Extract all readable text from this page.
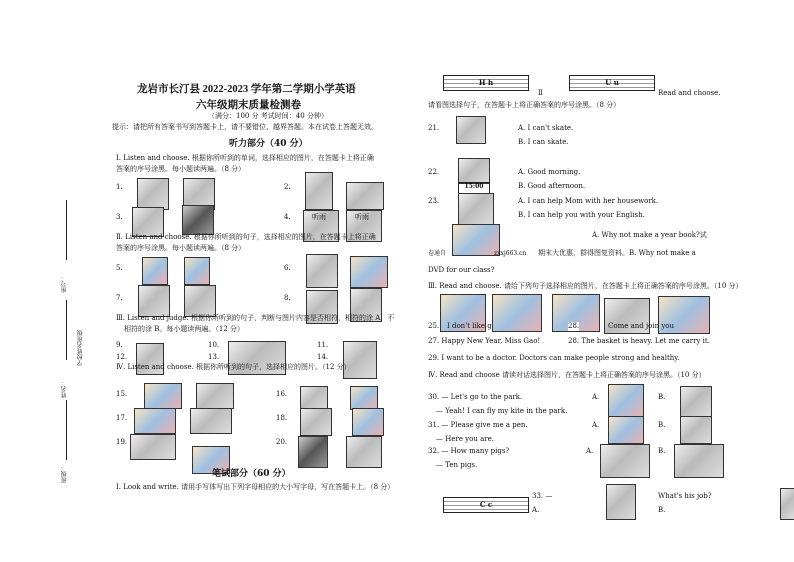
座号：
学校姓名班级
姓名：
班级：
龙岩市长汀县 2022-2023 学年第二学期小学英语
六年级期末质量检测卷
（满分：100 分 考试时间：40 分钟）
提示：请把所有答案书写到答题卡上，请不要错位、越界答题。本在试卷上答题无效。
听力部分（40 分）
Ⅰ. Listen and choose. 根据你所听到的单词，选择相应的图片，在答题卡上将正确
答案的序号涂黑。每小题读两遍。（8 分）
1.	2.
3.	4.	听雨	听雨
Ⅱ. Listen and choose. 根据你所听到的句子，选择相应的图片，在答题卡上将正确
答案的序号涂黑。每小题读两遍。（8 分）
5.	6.
7.	8.
Ⅲ. Listen and judge. 根据你所听到的句子，判断与图片内容是否相符，相符的涂 A，不
相符的涂 B。每小题读两遍。（12 分）
9.	10.	11.
12.	13.	14.
Ⅳ. Listen and choose. 根据你所听到的句子，选择相应的图片。（12 分）
15.	16.
17.	18.
19.	20.
笔试部分（60 分）
Ⅰ. Look and write. 请用手写体写出下列字母相应的大小写字母，写在答题卡上。（8 分）
H h	U u
C c
Ⅱ	Read and choose.
请看图选择句子，在答题卡上将正确答案的序号涂黑。（8 分）
21.	A. I can't skate.
B. I can skate.
22.
15:00
A. Good morning.
B. Good afternoon.
23.	A. I can help Mom with her housework.
B. I can help you with your English.
A. Why not make a year book?试
卷通自	zxxj663.cn 期末大优惠，群得图复资料。B. Why not make a
DVD for our class?
Ⅲ. Read and choose. 请给下列句子选择相应的图片，在答题卡上将正确答案的序号涂黑。（10 分）
25. I don't like g	28.	Come and join you
27. Happy New Year, Miss Gao!	28. The basket is heavy. Let me carry it.
29. I want to be a doctor. Doctors can make people strong and healthy.
Ⅳ. Read and choose 请读对话选择图片，在答题卡上将正确答案的序号涂黑。（10 分）
30. — Let's go to the park.
— Yeah! I can fly my kite in the park.
A.	B.
31. — Please give me a pen.
— Here you are.
A.	B.
32. — How many pigs?
— Ten pigs.
A.	B.
33. —	What's his job?
A.	B.
